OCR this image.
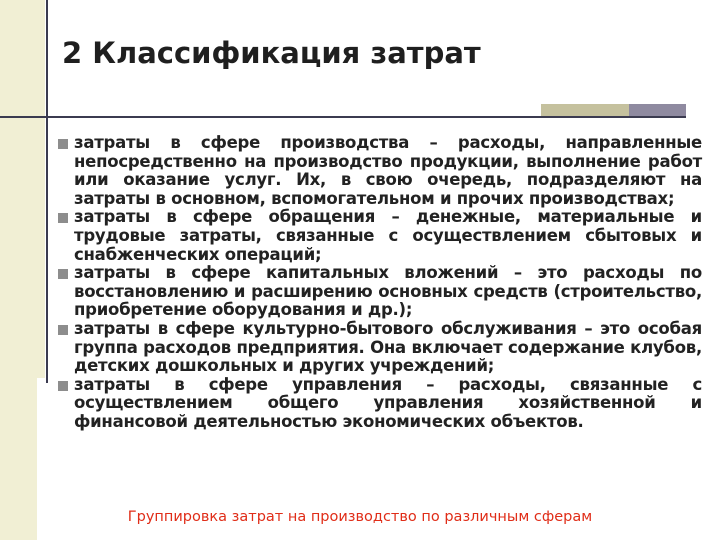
2 Классификация затрат
затраты в сфере производства – расходы, направленные непосредственно на производство продукции, выполнение работ или оказание услуг. Их, в свою очередь, подразделяют на затраты в основном, вспомогательном и прочих производствах;
затраты в сфере обращения – денежные, материальные и трудовые затраты, связанные с осуществлением сбытовых и снабженческих операций;
затраты в сфере капитальных вложений – это расходы по восстановлению и расширению основных средств (строительство, приобретение оборудования и др.);
затраты в сфере культурно-бытового обслуживания – это особая группа расходов предприятия. Она включает содержание клубов, детских дошкольных и других учреждений;
затраты в сфере управления – расходы, связанные с осуществлением общего управления хозяйственной и финансовой деятельностью экономических объектов.
Группировка затрат на производство по различным сферам
